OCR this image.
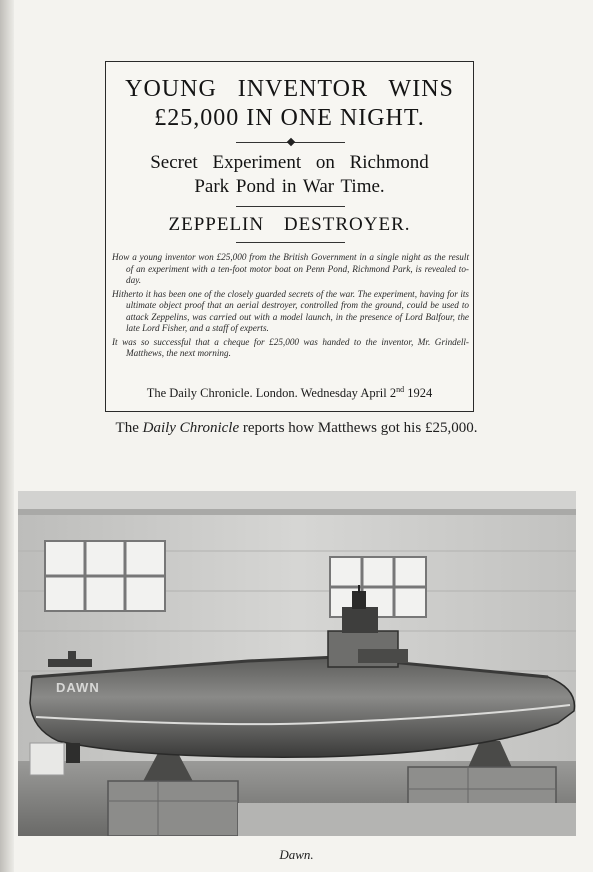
YOUNG INVENTOR WINS
£25,000 IN ONE NIGHT.
Secret Experiment on Richmond
Park Pond in War Time.
ZEPPELIN DESTROYER.

How a young inventor won £25,000 from the British Government in a single night as the result of an experiment with a ten-foot motor boat on Penn Pond, Richmond Park, is revealed to-day.

Hitherto it has been one of the closely guarded secrets of the war. The experiment, having for its ultimate object proof that an aerial destroyer, controlled from the ground, could be used to attack Zeppelins, was carried out with a model launch, in the presence of Lord Balfour, the late Lord Fisher, and a staff of experts.

It was so successful that a cheque for £25,000 was handed to the inventor, Mr. Grindell-Matthews, the next morning.

The Daily Chronicle. London. Wednesday April 2nd 1924
The Daily Chronicle reports how Matthews got his £25,000.
DAWN
Dawn.
